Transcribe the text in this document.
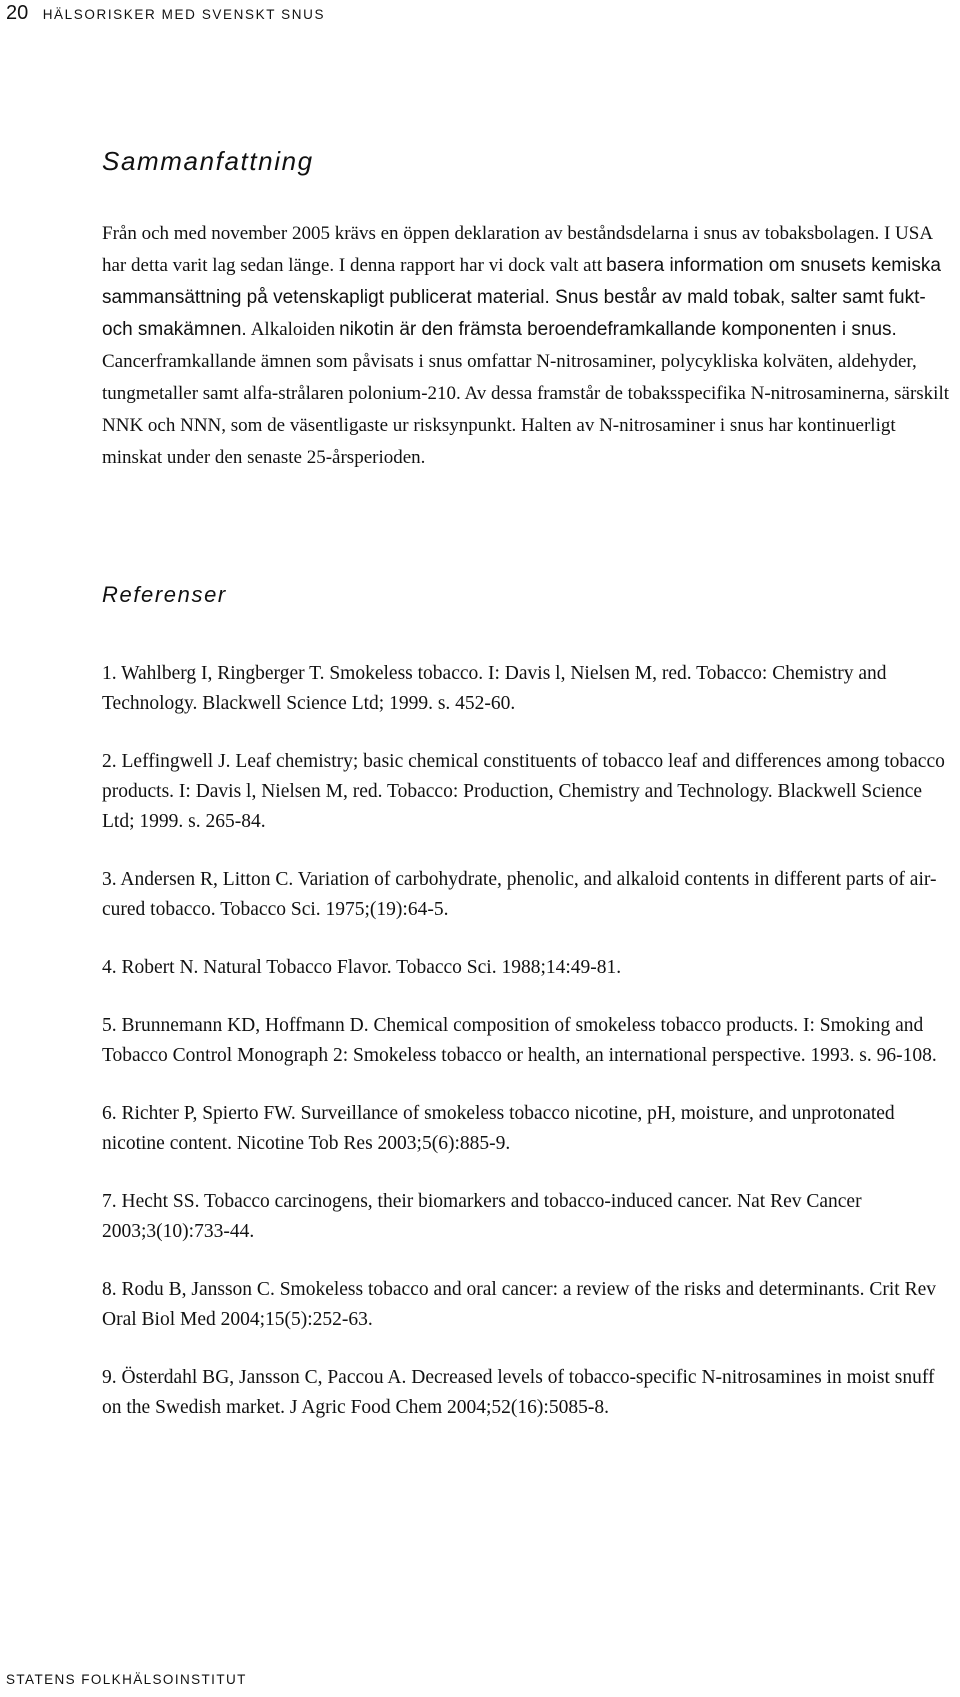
20 HÄLSORISKER MED SVENSKT SNUS
Sammanfattning

Från och med november 2005 krävs en öppen deklaration av beståndsdelarna i snus av tobaksbolagen. I USA har detta varit lag sedan länge. I denna rapport har vi dock valt att basera information om snusets kemiska sammansättning på vetenskapligt publicerat material. Snus består av mald tobak, salter samt fukt- och smakämnen. Alkaloiden nikotin är den främsta beroendeframkallande komponenten i snus. Cancerframkallande ämnen som påvisats i snus omfattar N-nitrosaminer, polycykliska kolväten, aldehyder, tungmetaller samt alfa-strålaren polonium-210. Av dessa framstår de tobaksspecifika N-nitrosaminerna, särskilt NNK och NNN, som de väsentligaste ur risksynpunkt. Halten av N-nitrosaminer i snus har kontinuerligt minskat under den senaste 25-årsperioden.

Referenser
1. Wahlberg I, Ringberger T. Smokeless tobacco. I: Davis l, Nielsen M, red. Tobacco: Chemistry and Technology. Blackwell Science Ltd; 1999. s. 452-60.
2. Leffingwell J. Leaf chemistry; basic chemical constituents of tobacco leaf and differences among tobacco products. I: Davis l, Nielsen M, red. Tobacco: Production, Chemistry and Technology. Blackwell Science Ltd; 1999. s. 265-84.
3. Andersen R, Litton C. Variation of carbohydrate, phenolic, and alkaloid contents in different parts of air-cured tobacco. Tobacco Sci. 1975;(19):64-5.
4. Robert N. Natural Tobacco Flavor. Tobacco Sci. 1988;14:49-81.
5. Brunnemann KD, Hoffmann D. Chemical composition of smokeless tobacco products. I: Smoking and Tobacco Control Monograph 2: Smokeless tobacco or health, an international perspective. 1993. s. 96-108.
6. Richter P, Spierto FW. Surveillance of smokeless tobacco nicotine, pH, moisture, and unprotonated nicotine content. Nicotine Tob Res 2003;5(6):885-9.
7. Hecht SS. Tobacco carcinogens, their biomarkers and tobacco-induced cancer. Nat Rev Cancer 2003;3(10):733-44.
8. Rodu B, Jansson C. Smokeless tobacco and oral cancer: a review of the risks and determinants. Crit Rev Oral Biol Med 2004;15(5):252-63.
9. Österdahl BG, Jansson C, Paccou A. Decreased levels of tobacco-specific N-nitrosamines in moist snuff on the Swedish market. J Agric Food Chem 2004;52(16):5085-8.
STATENS FOLKHÄLSOINSTITUT
